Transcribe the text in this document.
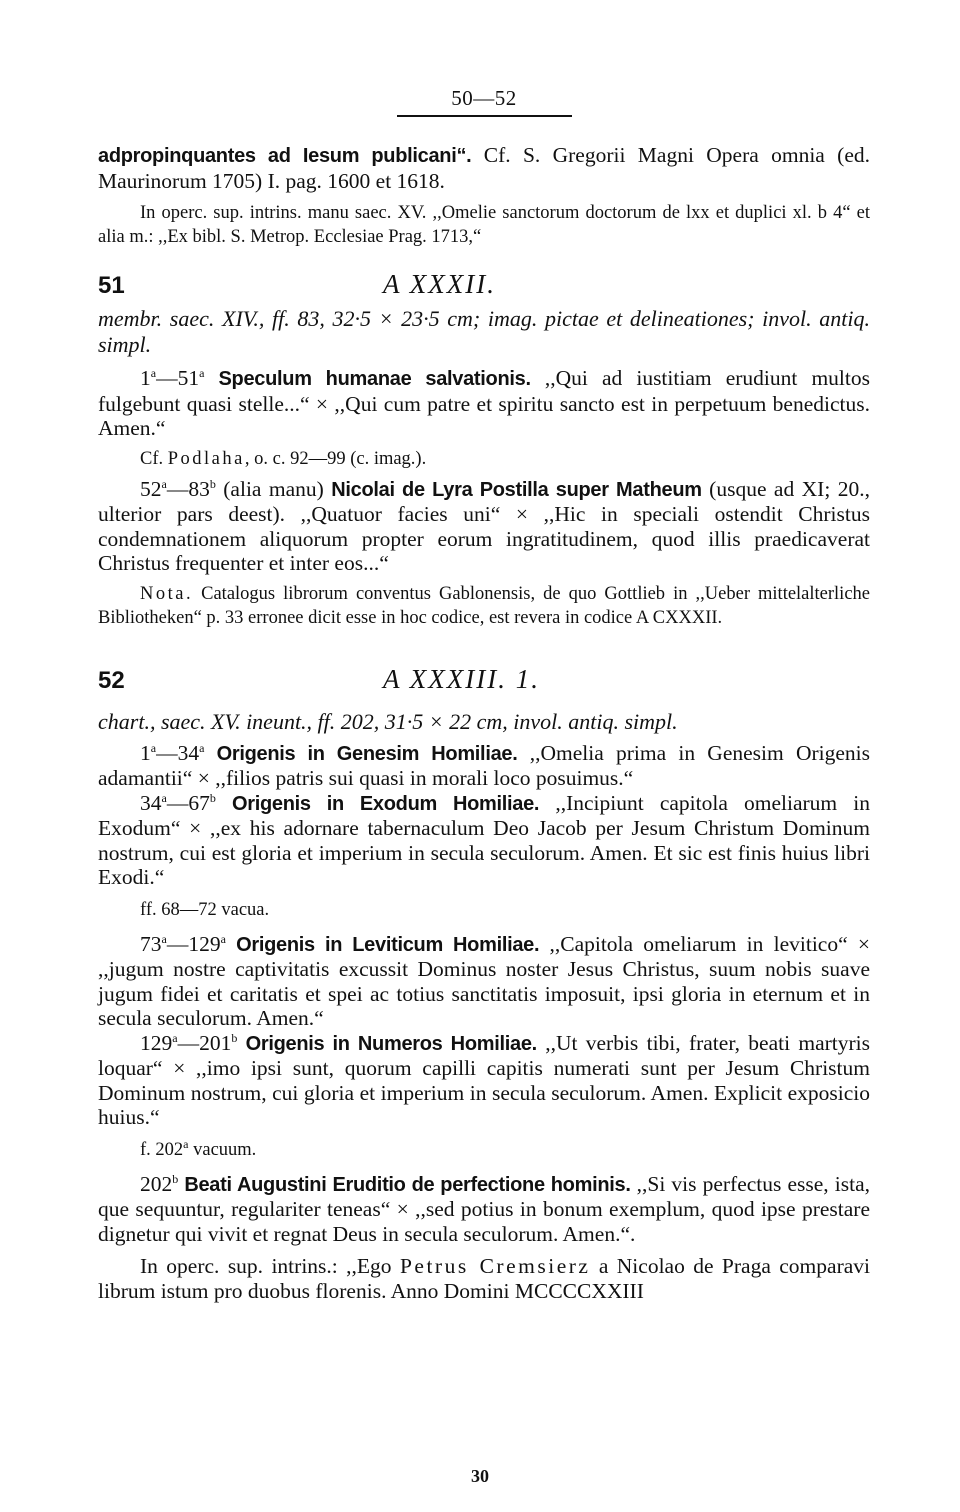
50—52

adpropinquantes ad Iesum publicani“. Cf. S. Gregorii Magni Opera omnia (ed. Maurinorum 1705) I. pag. 1600 et 1618.

In operc. sup. intrins. manu saec. XV. ,,Omelie sanctorum doctorum de lxx et duplici xl. b 4“ et alia m.: ,,Ex bibl. S. Metrop. Ecclesiae Prag. 1713,“

51	A XXXII.

membr. saec. XIV., ff. 83, 32·5 × 23·5 cm; imag. pictae et delineationes; invol. antiq. simpl.

1$^a$—51$^a$ Speculum humanae salvationis. ,,Qui ad iustitiam erudiunt multos fulgebunt quasi stelle...“ × ,,Qui cum patre et spiritu sancto est in perpetuum benedictus. Amen.“

Cf. Podlaha, o. c. 92—99 (c. imag.).

52$^a$—83$^b$ (alia manu) Nicolai de Lyra Postilla super Matheum (usque ad XI; 20., ulterior pars deest). ,,Quatuor facies uni“ × ,,Hic in speciali ostendit Christus condemnationem aliquorum propter eorum ingratitudinem, quod illis praedicaverat Christus frequenter et inter eos...“

Nota. Catalogus librorum conventus Gablonensis, de quo Gottlieb in ,,Ueber mittelalterliche Bibliotheken“ p. 33 erronee dicit esse in hoc codice, est revera in codice A CXXXII.

52	A XXXIII. 1.

chart., saec. XV. ineunt., ff. 202, 31·5 × 22 cm, invol. antiq. simpl.

1$^a$—34$^a$ Origenis in Genesim Homiliae. ,,Omelia prima in Genesim Origenis adamantii“ × ,,filios patris sui quasi in morali loco posuimus.“

34$^a$—67$^b$ Origenis in Exodum Homiliae. ,,Incipiunt capitola omeliarum in Exodum“ × ,,ex his adornare tabernaculum Deo Jacob per Jesum Christum Dominum nostrum, cui est gloria et imperium in secula seculorum. Amen. Et sic est finis huius libri Exodi.“

ff. 68—72 vacua.

73$^a$—129$^a$ Origenis in Leviticum Homiliae. ,,Capitola omeliarum in levitico“ × ,,jugum nostre captivitatis excussit Dominus noster Jesus Christus, suum nobis suave jugum fidei et caritatis et spei ac totius sanctitatis imposuit, ipsi gloria in eternum et in secula seculorum. Amen.“

129$^a$—201$^b$ Origenis in Numeros Homiliae. ,,Ut verbis tibi, frater, beati martyris loquar“ × ,,imo ipsi sunt, quorum capilli capitis numerati sunt per Jesum Christum Dominum nostrum, cui gloria et imperium in secula seculorum. Amen. Explicit exposicio huius.“

f. 202$^a$ vacuum.

202$^b$ Beati Augustini Eruditio de perfectione hominis. ,,Si vis perfectus esse, ista, que sequuntur, regulariter teneas“ × ,,sed potius in bonum exemplum, quod ipse prestare dignetur qui vivit et regnat Deus in secula seculorum. Amen.“.

In operc. sup. intrins.: ,,Ego Petrus Cremsierz a Nicolao de Praga comparavi librum istum pro duobus florenis. Anno Domini MCCCCXXIII

30
